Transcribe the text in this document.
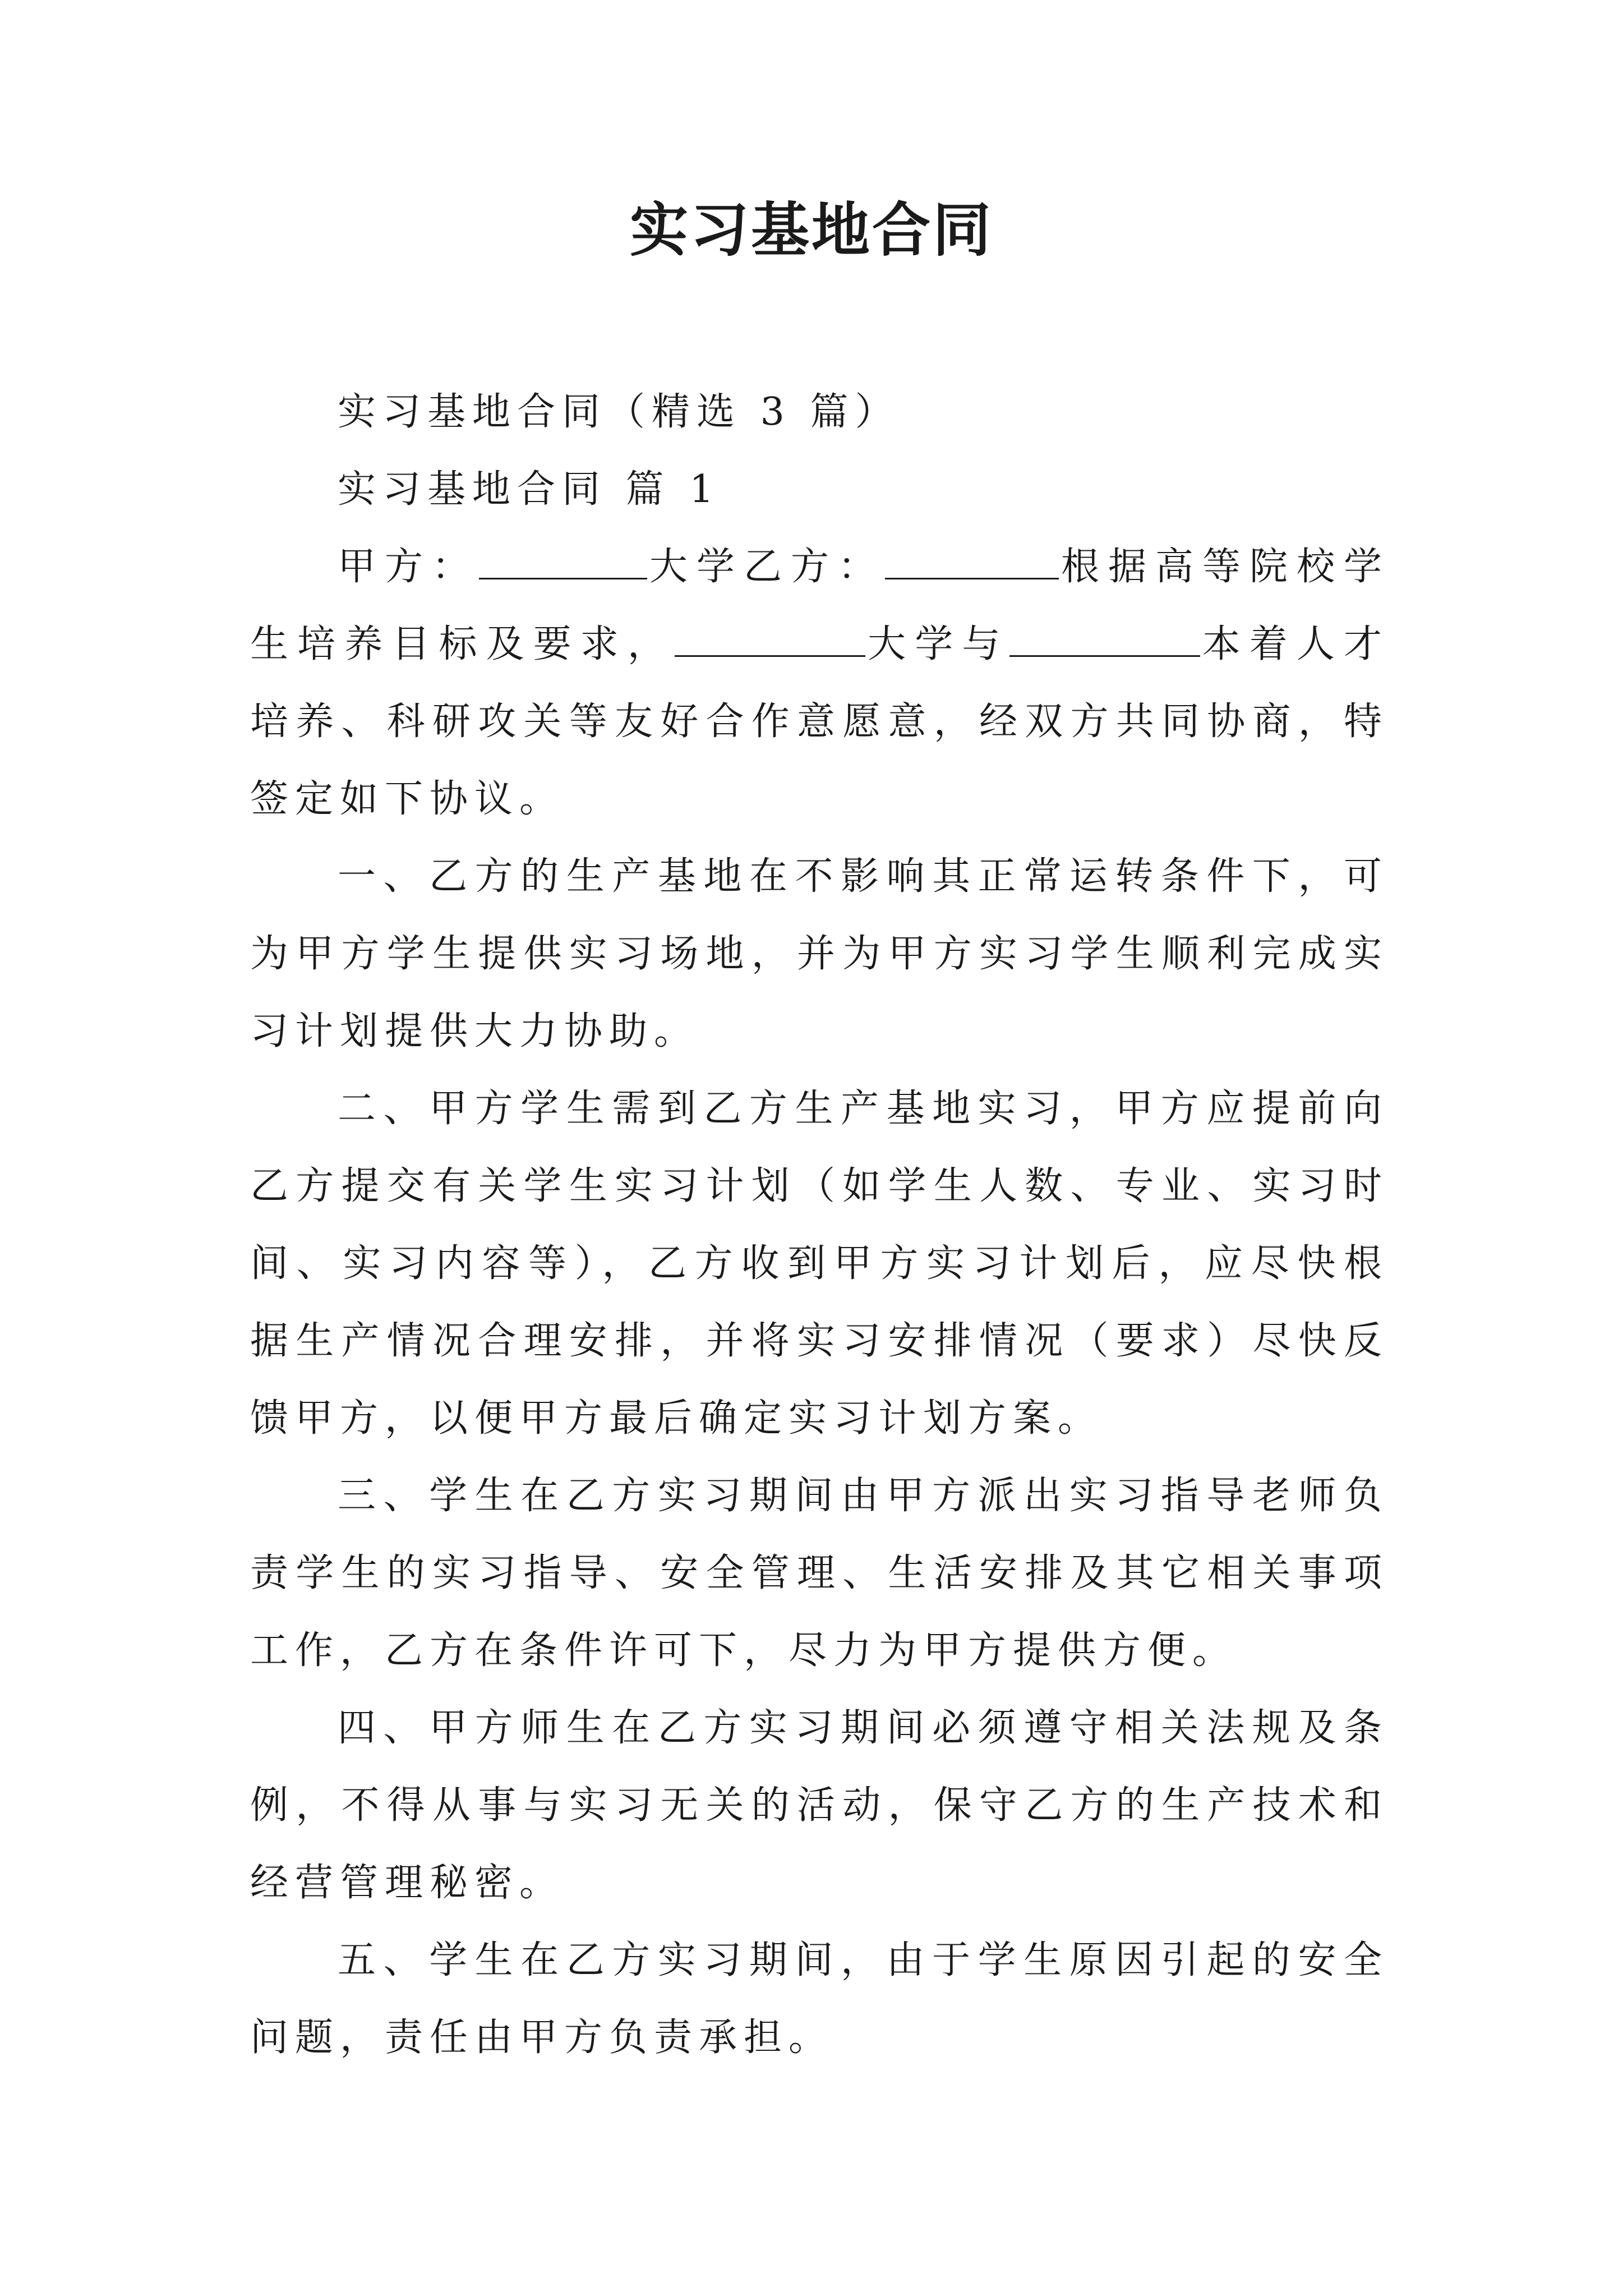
实习基地合同

实习基地合同（精选 3 篇）

实习基地合同 篇 1

甲方：	大学乙方：	根据高等院校学生培养目标及要求，	大学与	本着人才培养、科研攻关等友好合作意愿意，经双方共同协商，特签定如下协议。

一、乙方的生产基地在不影响其正常运转条件下，可为甲方学生提供实习场地，并为甲方实习学生顺利完成实习计划提供大力协助。

二、甲方学生需到乙方生产基地实习，甲方应提前向乙方提交有关学生实习计划（如学生人数、专业、实习时间、实习内容等），乙方收到甲方实习计划后，应尽快根据生产情况合理安排，并将实习安排情况（要求）尽快反馈甲方，以便甲方最后确定实习计划方案。

三、学生在乙方实习期间由甲方派出实习指导老师负责学生的实习指导、安全管理、生活安排及其它相关事项工作，乙方在条件许可下，尽力为甲方提供方便。

四、甲方师生在乙方实习期间必须遵守相关法规及条例，不得从事与实习无关的活动，保守乙方的生产技术和经营管理秘密。

五、学生在乙方实习期间，由于学生原因引起的安全问题，责任由甲方负责承担。
